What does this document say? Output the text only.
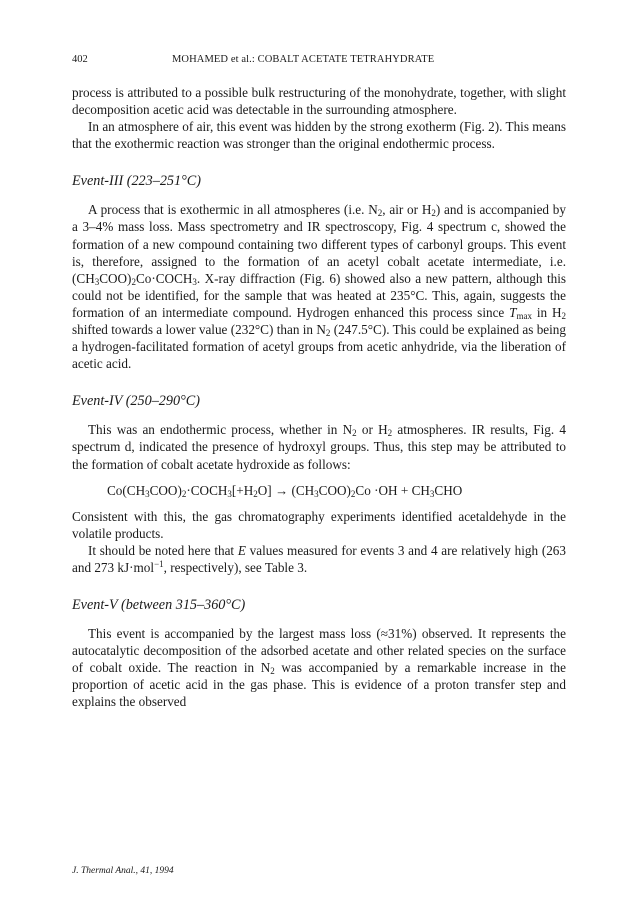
402	MOHAMED et al.: COBALT ACETATE TETRAHYDRATE

process is attributed to a possible bulk restructuring of the monohydrate, together, with slight decomposition acetic acid was detectable in the surrounding atmosphere.

In an atmosphere of air, this event was hidden by the strong exotherm (Fig. 2). This means that the exothermic reaction was stronger than the original endothermic process.

Event-III (223–251°C)

A process that is exothermic in all atmospheres (i.e. $N_2$, air or $H_2$) and is accompanied by a 3–4% mass loss. Mass spectrometry and IR spectroscopy, Fig. 4 spectrum c, showed the formation of a new compound containing two different types of carbonyl groups. This event is, therefore, assigned to the formation of an acetyl cobalt acetate intermediate, i.e. $(CH_3COO)_2Co\cdot COCH_3$. X-ray diffraction (Fig. 6) showed also a new pattern, although this could not be identified, for the sample that was heated at 235°C. This, again, suggests the formation of an intermediate compound. Hydrogen enhanced this process since $T_{max}$ in $H_2$ shifted towards a lower value (232°C) than in $N_2$ (247.5°C). This could be explained as being a hydrogen-facilitated formation of acetyl groups from acetic anhydride, via the liberation of acetic acid.

Event-IV (250–290°C)

This was an endothermic process, whether in $N_2$ or $H_2$ atmospheres. IR results, Fig. 4 spectrum d, indicated the presence of hydroxyl groups. Thus, this step may be attributed to the formation of cobalt acetate hydroxide as follows:

$Co(CH_3COO)_2\cdot COCH_3[+H_2O] \to (CH_3COO)_2Co \cdot OH + CH_3CHO$

Consistent with this, the gas chromatography experiments identified acetaldehyde in the volatile products.

It should be noted here that E values measured for events 3 and 4 are relatively high (263 and 273 kJ·mol$^{-1}$, respectively), see Table 3.

Event-V (between 315–360°C)

This event is accompanied by the largest mass loss (≈31%) observed. It represents the autocatalytic decomposition of the adsorbed acetate and other related species on the surface of cobalt oxide. The reaction in $N_2$ was accompanied by a remarkable increase in the proportion of acetic acid in the gas phase. This is evidence of a proton transfer step and explains the observed

J. Thermal Anal., 41, 1994
